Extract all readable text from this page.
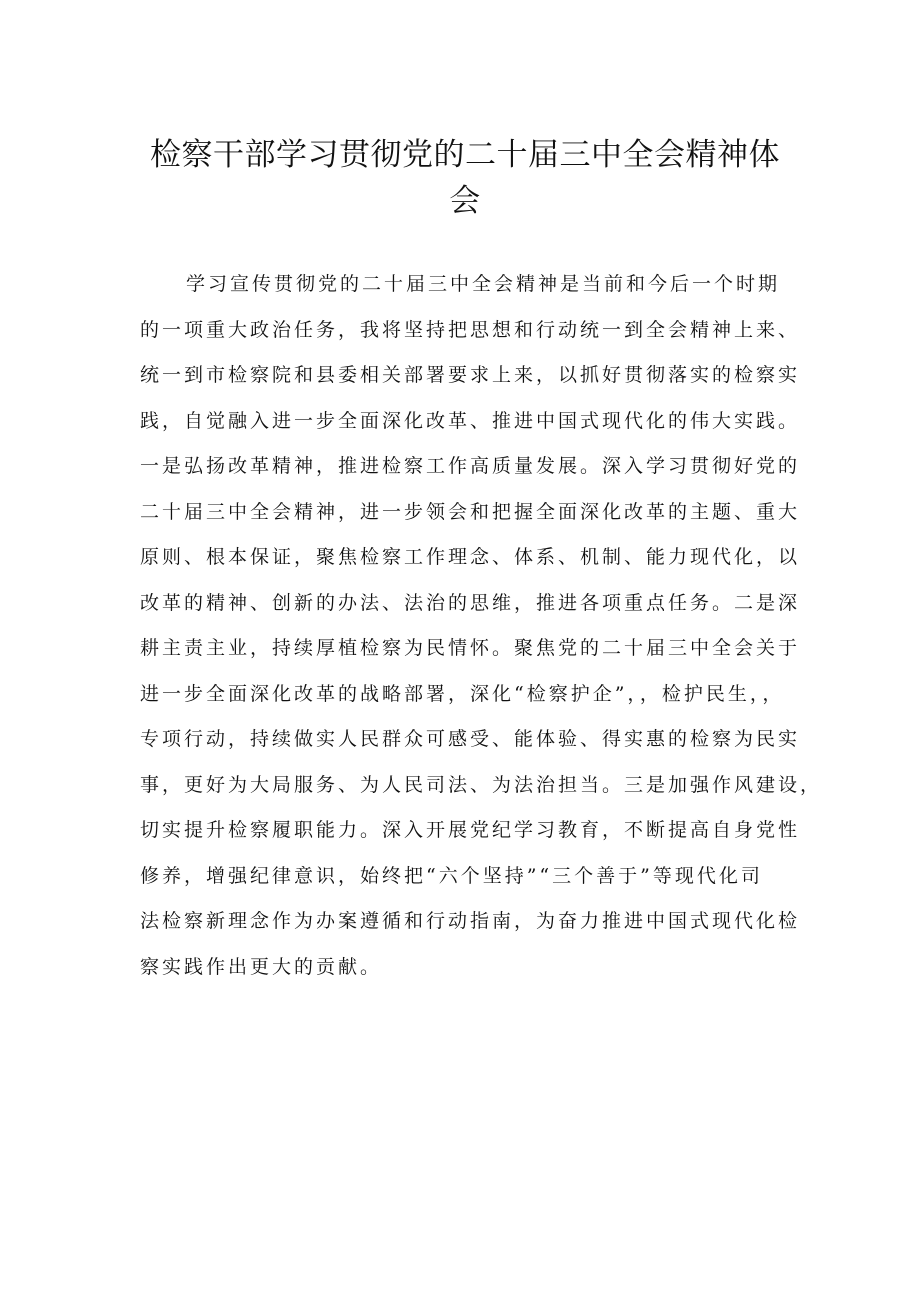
检察干部学习贯彻党的二十届三中全会精神体会
学习宣传贯彻党的二十届三中全会精神是当前和今后一个时期
的一项重大政治任务，我将坚持把思想和行动统一到全会精神上来、
统一到市检察院和县委相关部署要求上来，以抓好贯彻落实的检察实
践，自觉融入进一步全面深化改革、推进中国式现代化的伟大实践。
一是弘扬改革精神，推进检察工作高质量发展。深入学习贯彻好党的
二十届三中全会精神，进一步领会和把握全面深化改革的主题、重大
原则、根本保证，聚焦检察工作理念、体系、机制、能力现代化，以
改革的精神、创新的办法、法治的思维，推进各项重点任务。二是深
耕主责主业，持续厚植检察为民情怀。聚焦党的二十届三中全会关于
进一步全面深化改革的战略部署，深化“检察护企”，，检护民生，，
专项行动，持续做实人民群众可感受、能体验、得实惠的检察为民实
事，更好为大局服务、为人民司法、为法治担当。三是加强作风建设，
切实提升检察履职能力。深入开展党纪学习教育，不断提高自身党性
修养，增强纪律意识，始终把“六个坚持”“三个善于”等现代化司
法检察新理念作为办案遵循和行动指南，为奋力推进中国式现代化检
察实践作出更大的贡献。
